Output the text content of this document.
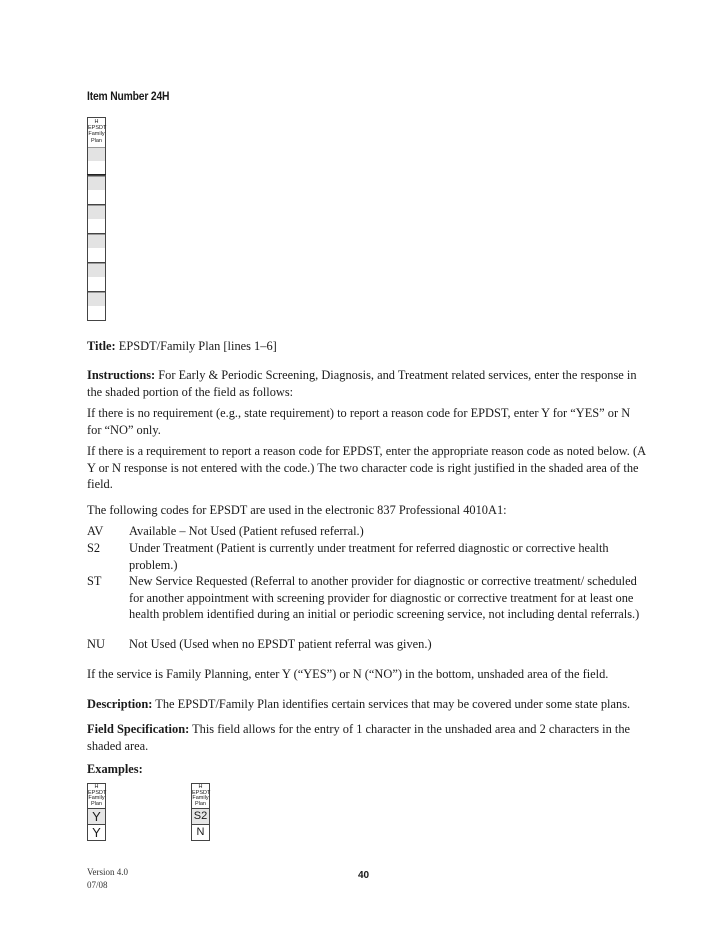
Item Number 24H
H
EPSDT
Family
Plan
Title: EPSDT/Family Plan [lines 1–6]
Instructions: For Early & Periodic Screening, Diagnosis, and Treatment related services, enter the response in the shaded portion of the field as follows:
If there is no requirement (e.g., state requirement) to report a reason code for EPDST, enter Y for “YES” or N for “NO” only.
If there is a requirement to report a reason code for EPDST, enter the appropriate reason code as noted below. (A Y or N response is not entered with the code.) The two character code is right justified in the shaded area of the field.
The following codes for EPSDT are used in the electronic 837 Professional 4010A1:
AV	Available – Not Used (Patient refused referral.)
S2	Under Treatment (Patient is currently under treatment for referred diagnostic or corrective health problem.)
ST	New Service Requested (Referral to another provider for diagnostic or corrective treatment/ scheduled for another appointment with screening provider for diagnostic or corrective treatment for at least one health problem identified during an initial or periodic screening service, not including dental referrals.)
NU	Not Used (Used when no EPSDT patient referral was given.)
If the service is Family Planning, enter Y (“YES”) or N (“NO”) in the bottom, unshaded area of the field.
Description: The EPSDT/Family Plan identifies certain services that may be covered under some state plans.
Field Specification: This field allows for the entry of 1 character in the unshaded area and 2 characters in the shaded area.
Examples:
H
EPSDT
Family
Plan
Y
Y
H
EPSDT
Family
Plan
S2
N
Version 4.0
07/08
40
